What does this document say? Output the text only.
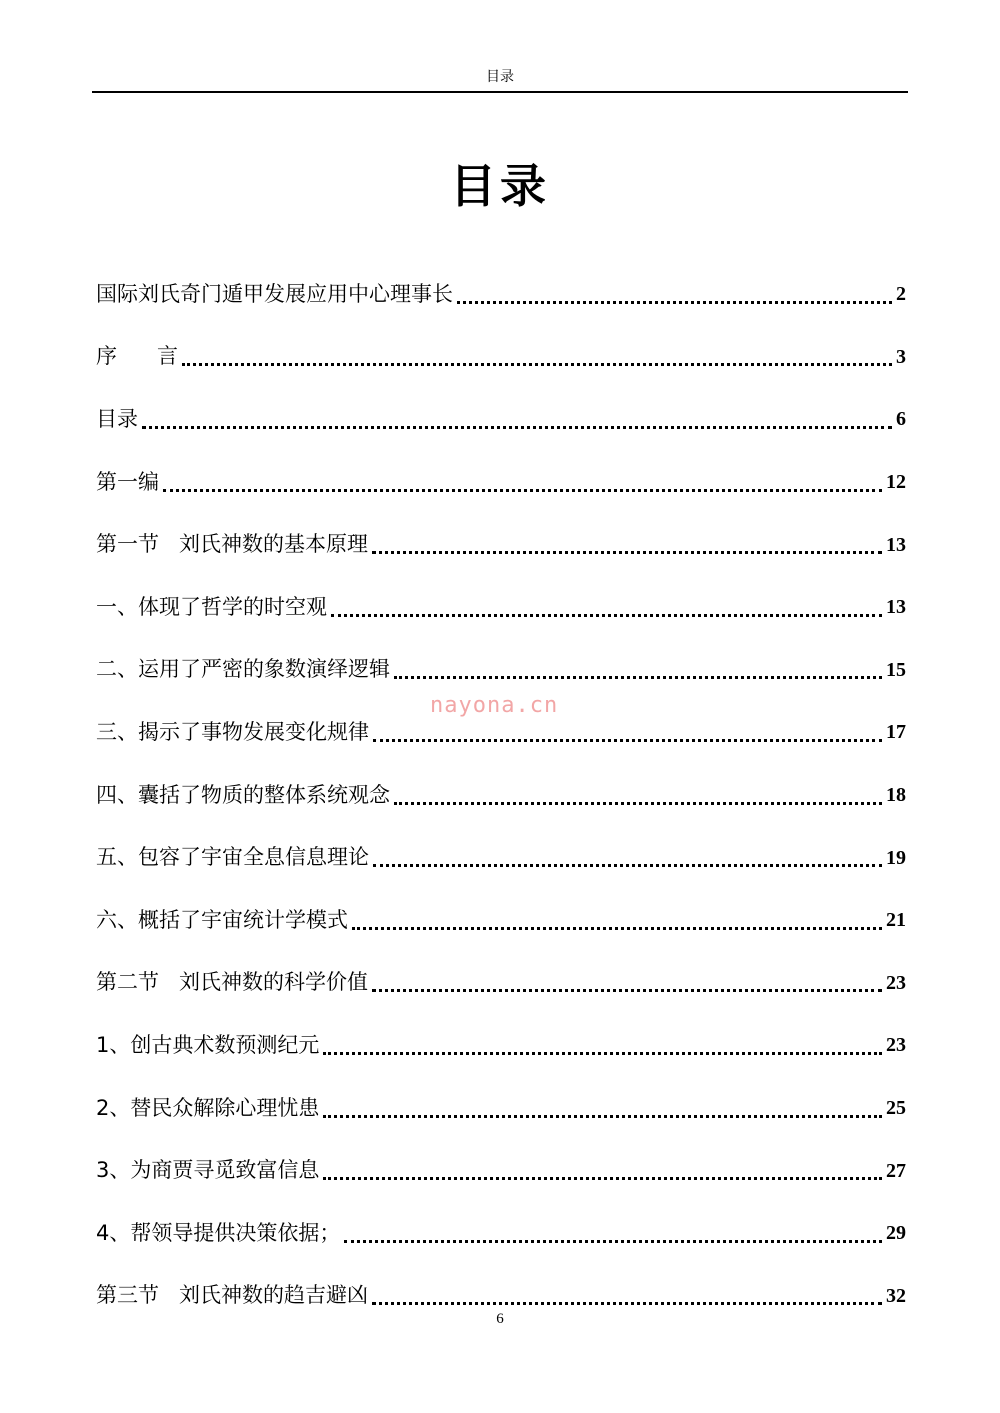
目录
目录
国际刘氏奇门遁甲发展应用中心理事长	2
序      言	3
目录	6
第一编	12
第一节   刘氏神数的基本原理	13
一、体现了哲学的时空观	13
二、运用了严密的象数演绎逻辑	15
三、揭示了事物发展变化规律	17
四、囊括了物质的整体系统观念	18
五、包容了宇宙全息信息理论	19
六、概括了宇宙统计学模式	21
第二节   刘氏神数的科学价值	23
1、创古典术数预测纪元	23
2、替民众解除心理忧患	25
3、为商贾寻觅致富信息	27
4、帮领导提供决策依据；	29
第三节   刘氏神数的趋吉避凶	32
nayona.cn
6
